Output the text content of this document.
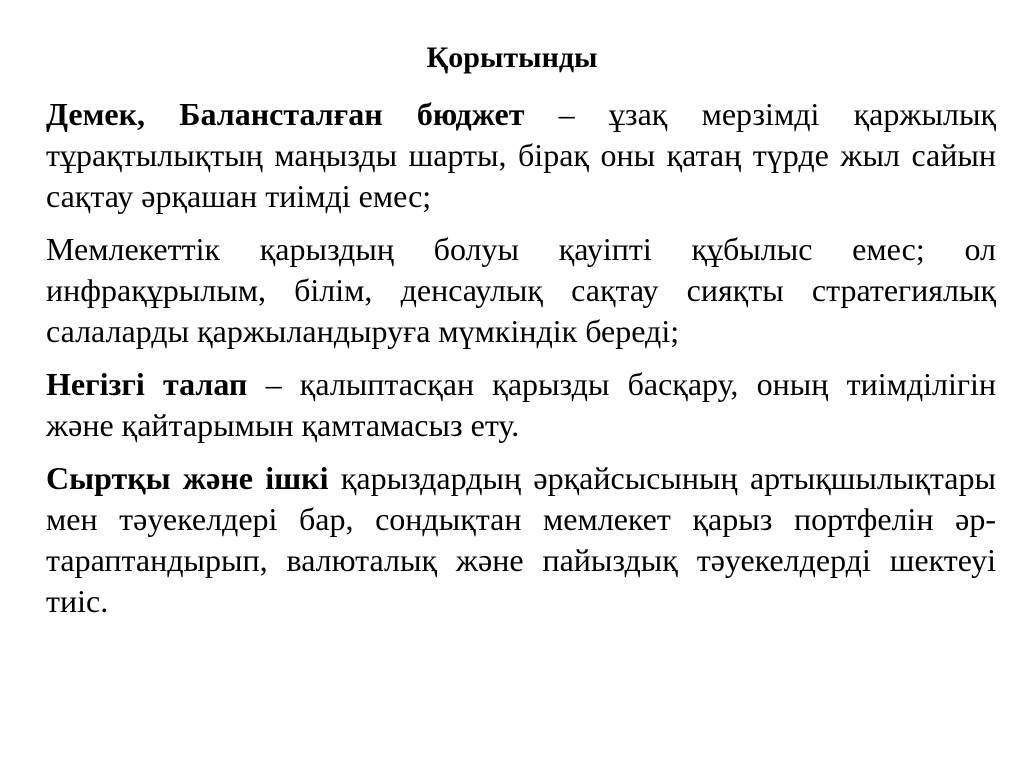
Қорытынды

Демек, Балансталған бюджет – ұзақ мерзімді қаржылық тұрақтылықтың маңызды шарты, бірақ оны қатаң түрде жыл сайын сақтау әрқашан тиімді емес;

Мемлекеттік қарыздың болуы қауіпті құбылыс емес; ол инфрақұрылым, білім, денсаулық сақтау сияқты стратегиялық салаларды қаржыландыруға мүмкіндік береді;

Негізгі талап – қалыптасқан қарызды басқару, оның тиімділігін және қайтарымын қамтамасыз ету.

Сыртқы және ішкі қарыздардың әрқайсысының артықшылықтары мен тәуекелдері бар, сондықтан мемлекет қарыз портфелін әр-тараптандырып, валюталық және пайыздық тәуекелдерді шектеуі тиіс.
